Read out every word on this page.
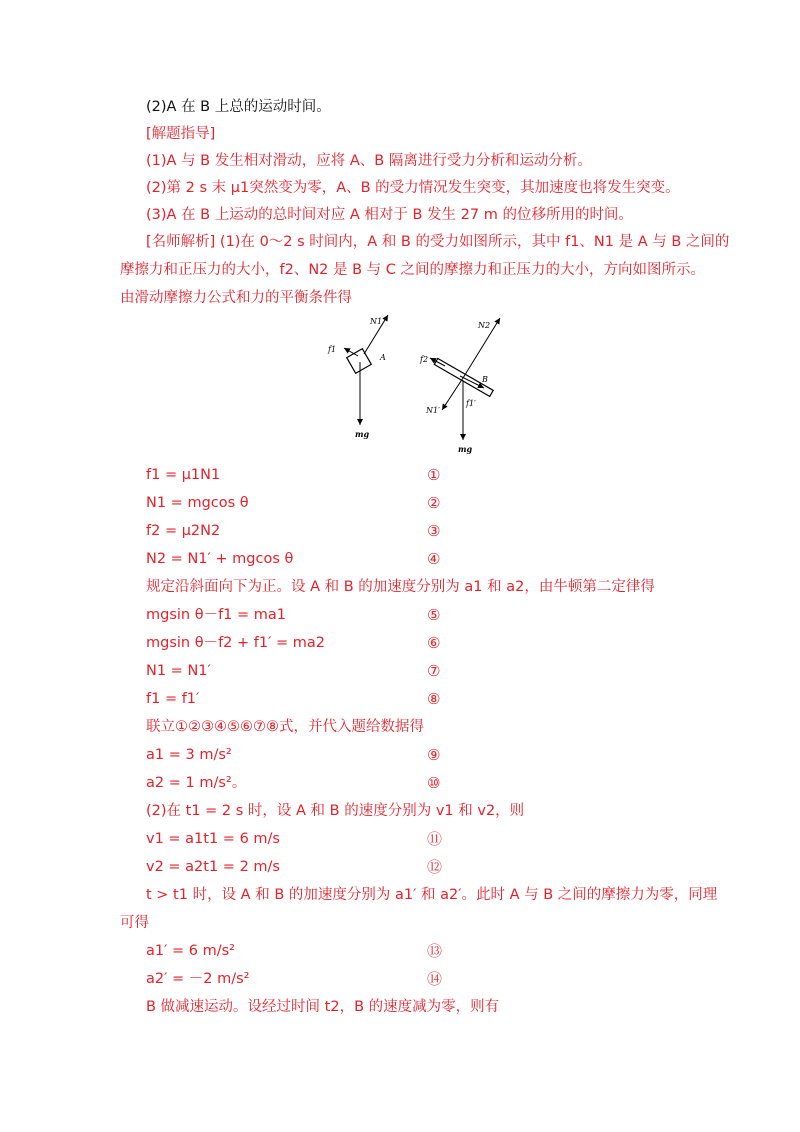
(2)A 在 B 上总的运动时间。
[解题指导]
(1)A 与 B 发生相对滑动，应将 A、B 隔离进行受力分析和运动分析。
(2)第 2 s 末 μ1突然变为零，A、B 的受力情况发生突变，其加速度也将发生突变。
(3)A 在 B 上运动的总时间对应 A 相对于 B 发生 27 m 的位移所用的时间。
[名师解析] (1)在 0～2 s 时间内，A 和 B 的受力如图所示，其中 f1、N1 是 A 与 B 之间的
摩擦力和正压力的大小，f2、N2 是 B 与 C 之间的摩擦力和正压力的大小，方向如图所示。
由滑动摩擦力公式和力的平衡条件得
N1
f1
A
mg
N2
f2
B
N1′
f1′
mg
f1 = μ1N1	①
N1 = mgcos θ	②
f2 = μ2N2	③
N2 = N1′ + mgcos θ	④
规定沿斜面向下为正。设 A 和 B 的加速度分别为 a1 和 a2，由牛顿第二定律得
mgsin θ－f1 = ma1	⑤
mgsin θ－f2 + f1′ = ma2	⑥
N1 = N1′	⑦
f1 = f1′	⑧
联立①②③④⑤⑥⑦⑧式，并代入题给数据得
a1 = 3 m/s²	⑨
a2 = 1 m/s²。	⑩
(2)在 t1 = 2 s 时，设 A 和 B 的速度分别为 v1 和 v2，则
v1 = a1t1 = 6 m/s	⑪
v2 = a2t1 = 2 m/s	⑫
t > t1 时，设 A 和 B 的加速度分别为 a1′ 和 a2′。此时 A 与 B 之间的摩擦力为零，同理
可得
a1′ = 6 m/s²	⑬
a2′ = －2 m/s²	⑭
B 做减速运动。设经过时间 t2，B 的速度减为零，则有
